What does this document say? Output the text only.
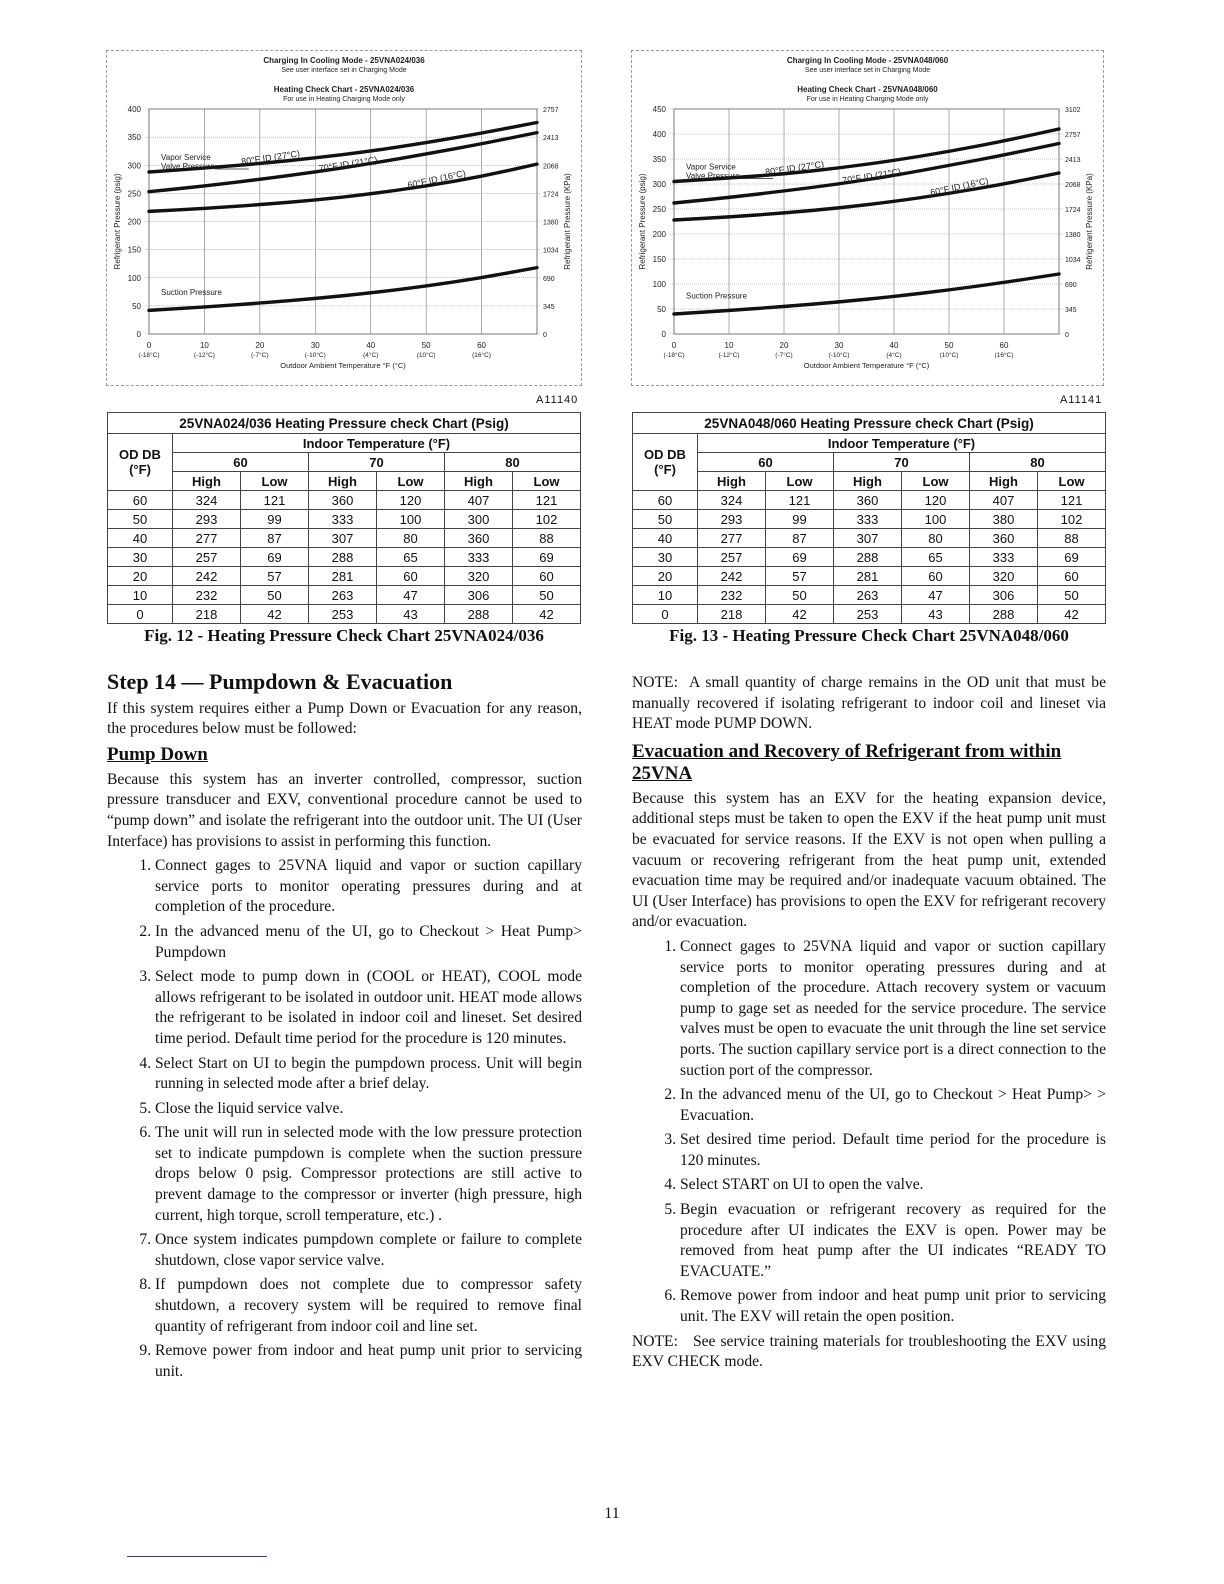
Charging In Cooling Mode - 25VNA024/036
See user interface set in Charging Mode
Heating Check Chart - 25VNA024/036
For use in Heating Charging Mode only
0	0
50	345
100	690
150	1034
200	1380
250	1724
300	2068
350	2413
400	2757
0
(-18°C)
10
(-12°C)
20
(-7°C)
30
(-10°C)
40
(4°C)
50
(10°C)
60
(16°C)
Outdoor Ambient Temperature °F (°C)
Refrigerant Pressure (psig)	Refrigerant Pressure (KPa)
80°F ID (27°C) 70°F ID (21°C)
60°F ID (16°C)
Vapor Service Valve Pressure
Suction Pressure
Charging In Cooling Mode - 25VNA048/060
See user interface set in Charging Mode
Heating Check Chart - 25VNA048/060
For use in Heating Charging Mode only
0	0
50	345
100	690
150	1034
200	1380
250	1724
300	2068
350	2413
400	2757
450	3102
0
(-18°C)
10
(-12°C)
20
(-7°C)
30
(-10°C)
40
(4°C)
50
(10°C)
60
(16°C)
Outdoor Ambient Temperature °F (°C)
Refrigerant Pressure (psig)	Refrigerant Pressure (KPa)
80°F ID (27°C) 70°F ID (21°C)	60°F ID (16°C)
Vapor Service Valve Pressure
Suction Pressure
A11140	A11141
25VNA024/036 Heating Pressure check Chart (Psig)						
OD DB
(°F)	Indoor Temperature (°F)					
	60		70		80	
	High	Low	High	Low	High	Low
60	324	121	360	120	407	121
50	293	99	333	100	300	102
40	277	87	307	80	360	88
30	257	69	288	65	333	69
20	242	57	281	60	320	60
10	232	50	263	47	306	50
0	218	42	253	43	288	42
Fig. 12 - Heating Pressure Check Chart 25VNA024/036
25VNA048/060 Heating Pressure check Chart (Psig)						
OD DB
(°F)	Indoor Temperature (°F)					
	60		70		80	
	High	Low	High	Low	High	Low
60	324	121	360	120	407	121
50	293	99	333	100	380	102
40	277	87	307	80	360	88
30	257	69	288	65	333	69
20	242	57	281	60	320	60
10	232	50	263	47	306	50
0	218	42	253	43	288	42
Fig. 13 - Heating Pressure Check Chart 25VNA048/060
Step 14 — Pumpdown & Evacuation

If this system requires either a Pump Down or Evacuation for any reason, the procedures below must be followed:

Pump Down

Because this system has an inverter controlled, compressor, suction pressure transducer and EXV, conventional procedure cannot be used to “pump down” and isolate the refrigerant into the outdoor unit. The UI (User Interface) has provisions to assist in performing this function.

1. Connect gages to 25VNA liquid and vapor or suction capillary service ports to monitor operating pressures during and at completion of the procedure.
2. In the advanced menu of the UI, go to Checkout > Heat Pump> Pumpdown
3. Select mode to pump down in (COOL or HEAT), COOL mode allows refrigerant to be isolated in outdoor unit. HEAT mode allows the refrigerant to be isolated in indoor coil and lineset. Set desired time period. Default time period for the procedure is 120 minutes.
4. Select Start on UI to begin the pumpdown process. Unit will begin running in selected mode after a brief delay.
5. Close the liquid service valve.
6. The unit will run in selected mode with the low pressure protection set to indicate pumpdown is complete when the suction pressure drops below 0 psig. Compressor protections are still active to prevent damage to the compressor or inverter (high pressure, high current, high torque, scroll temperature, etc.) .
7. Once system indicates pumpdown complete or failure to complete shutdown, close vapor service valve.
8. If pumpdown does not complete due to compressor safety shutdown, a recovery system will be required to remove final quantity of refrigerant from indoor coil and line set.
9. Remove power from indoor and heat pump unit prior to servicing unit.

NOTE: A small quantity of charge remains in the OD unit that must be manually recovered if isolating refrigerant to indoor coil and lineset via HEAT mode PUMP DOWN.

Evacuation and Recovery of Refrigerant from within 25VNA

Because this system has an EXV for the heating expansion device, additional steps must be taken to open the EXV if the heat pump unit must be evacuated for service reasons. If the EXV is not open when pulling a vacuum or recovering refrigerant from the heat pump unit, extended evacuation time may be required and/or inadequate vacuum obtained. The UI (User Interface) has provisions to open the EXV for refrigerant recovery and/or evacuation.

1. Connect gages to 25VNA liquid and vapor or suction capillary service ports to monitor operating pressures during and at completion of the procedure. Attach recovery system or vacuum pump to gage set as needed for the service procedure. The service valves must be open to evacuate the unit through the line set service ports. The suction capillary service port is a direct connection to the suction port of the compressor.
2. In the advanced menu of the UI, go to Checkout > Heat Pump> > Evacuation.
3. Set desired time period. Default time period for the procedure is 120 minutes.
4. Select START on UI to open the valve.
5. Begin evacuation or refrigerant recovery as required for the procedure after UI indicates the EXV is open. Power may be removed from heat pump after the UI indicates “READY TO EVACUATE.”
6. Remove power from indoor and heat pump unit prior to servicing unit. The EXV will retain the open position.

NOTE: See service training materials for troubleshooting the EXV using EXV CHECK mode.

11
